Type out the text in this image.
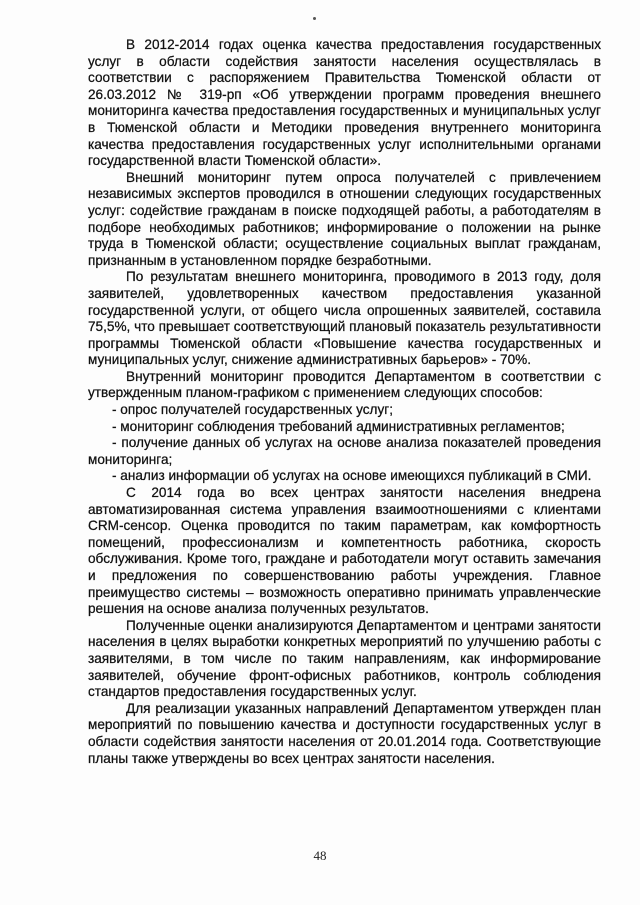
В 2012-2014 годах оценка качества предоставления государственных услуг в области содействия занятости населения осуществлялась в соответствии с распоряжением Правительства Тюменской области от 26.03.2012 № 319-рп «Об утверждении программ проведения внешнего мониторинга качества предоставления государственных и муниципальных услуг в Тюменской области и Методики проведения внутреннего мониторинга качества предоставления государственных услуг исполнительными органами государственной власти Тюменской области».

Внешний мониторинг путем опроса получателей с привлечением независимых экспертов проводился в отношении следующих государственных услуг: содействие гражданам в поиске подходящей работы, а работодателям в подборе необходимых работников; информирование о положении на рынке труда в Тюменской области; осуществление социальных выплат гражданам, признанным в установленном порядке безработными.

По результатам внешнего мониторинга, проводимого в 2013 году, доля заявителей, удовлетворенных качеством предоставления указанной государственной услуги, от общего числа опрошенных заявителей, составила 75,5%, что превышает соответствующий плановый показатель результативности программы Тюменской области «Повышение качества государственных и муниципальных услуг, снижение административных барьеров» - 70%.

Внутренний мониторинг проводится Департаментом в соответствии с утвержденным планом-графиком с применением следующих способов:

- опрос получателей государственных услуг;

- мониторинг соблюдения требований административных регламентов;

- получение данных об услугах на основе анализа показателей проведения мониторинга;

- анализ информации об услугах на основе имеющихся публикаций в СМИ.

С 2014 года во всех центрах занятости населения внедрена автоматизированная система управления взаимоотношениями с клиентами CRM-сенсор. Оценка проводится по таким параметрам, как комфортность помещений, профессионализм и компетентность работника, скорость обслуживания. Кроме того, граждане и работодатели могут оставить замечания и предложения по совершенствованию работы учреждения. Главное преимущество системы – возможность оперативно принимать управленческие решения на основе анализа полученных результатов.

Полученные оценки анализируются Департаментом и центрами занятости населения в целях выработки конкретных мероприятий по улучшению работы с заявителями, в том числе по таким направлениям, как информирование заявителей, обучение фронт-офисных работников, контроль соблюдения стандартов предоставления государственных услуг.

Для реализации указанных направлений Департаментом утвержден план мероприятий по повышению качества и доступности государственных услуг в области содействия занятости населения от 20.01.2014 года. Соответствующие планы также утверждены во всех центрах занятости населения.

48
